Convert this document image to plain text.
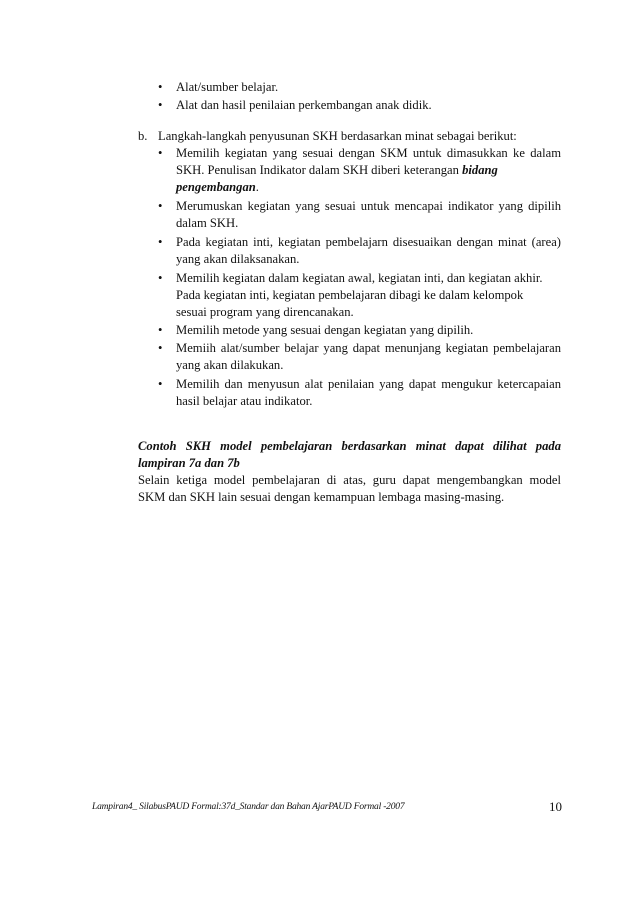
• Alat/sumber belajar.
• Alat dan hasil penilaian perkembangan anak didik.
b. Langkah-langkah penyusunan SKH berdasarkan minat sebagai berikut:
• Memilih kegiatan yang sesuai dengan SKM untuk dimasukkan ke dalam
SKH. Penulisan Indikator dalam SKH diberi keterangan bidang
pengembangan.
• Merumuskan kegiatan yang sesuai untuk mencapai indikator yang dipilih
dalam SKH.
• Pada kegiatan inti, kegiatan pembelajarn disesuaikan dengan minat (area)
yang akan dilaksanakan.
• Memilih kegiatan dalam kegiatan awal, kegiatan inti, dan kegiatan akhir.
Pada kegiatan inti, kegiatan pembelajaran dibagi ke dalam kelompok
sesuai program yang direncanakan.
• Memilih metode yang sesuai dengan kegiatan yang dipilih.
• Memiih alat/sumber belajar yang dapat menunjang kegiatan pembelajaran
yang akan dilakukan.
• Memilih dan menyusun alat penilaian yang dapat mengukur ketercapaian
hasil belajar atau indikator.
Contoh SKH model pembelajaran berdasarkan minat dapat dilihat pada
lampiran 7a dan 7b
Selain ketiga model pembelajaran di atas, guru dapat mengembangkan model
SKM dan SKH lain sesuai dengan kemampuan lembaga masing-masing.
Lampiran4_ SilabusPAUD Formal:37d_Standar dan Bahan AjarPAUD Formal -2007	10
